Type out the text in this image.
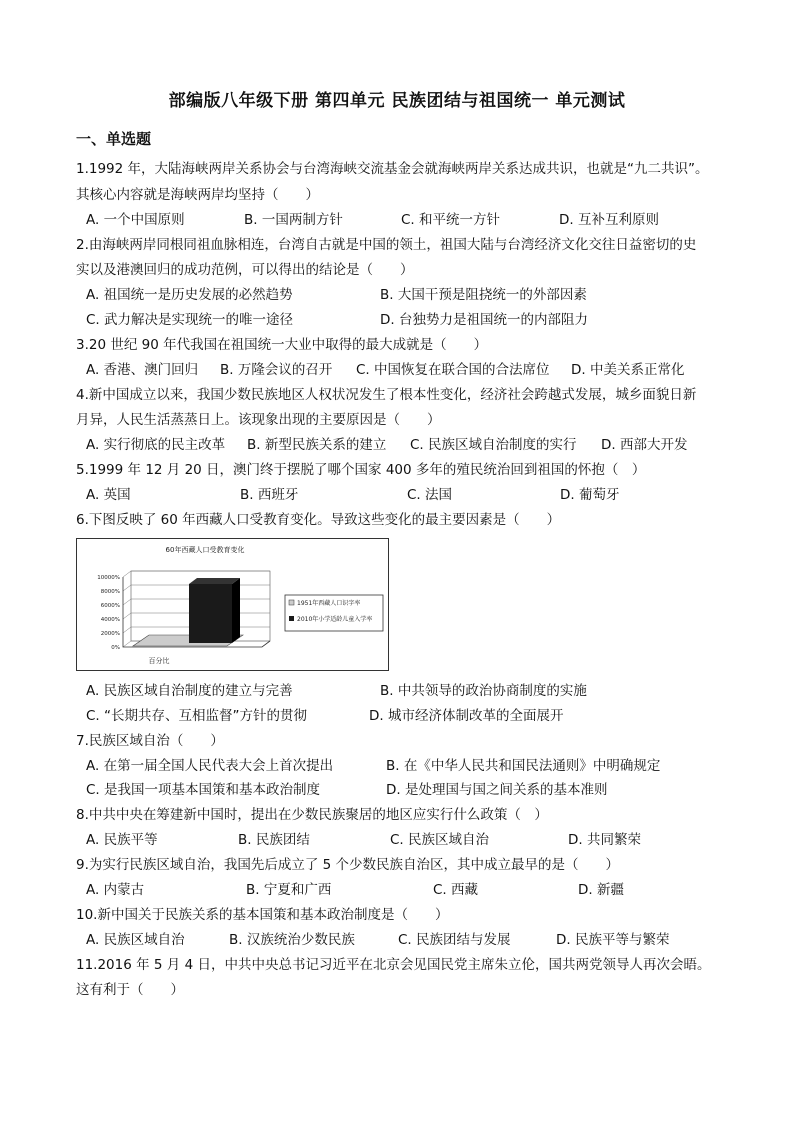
部编版八年级下册 第四单元 民族团结与祖国统一 单元测试
一、单选题
1.1992 年，大陆海峡两岸关系协会与台湾海峡交流基金会就海峡两岸关系达成共识，也就是“九二共识”。
其核心内容就是海峡两岸均坚持（　　）
A. 一个中国原则	B. 一国两制方针	C. 和平统一方针	D. 互补互利原则
2.由海峡两岸同根同祖血脉相连，台湾自古就是中国的领土，祖国大陆与台湾经济文化交往日益密切的史
实以及港澳回归的成功范例，可以得出的结论是（　　）
A. 祖国统一是历史发展的必然趋势	B. 大国干预是阻挠统一的外部因素
C. 武力解决是实现统一的唯一途径	D. 台独势力是祖国统一的内部阻力
3.20 世纪 90 年代我国在祖国统一大业中取得的最大成就是（　　）
A. 香港、澳门回归 B. 万隆会议的召开 C. 中国恢复在联合国的合法席位 D. 中美关系正常化
4.新中国成立以来，我国少数民族地区人权状况发生了根本性变化，经济社会跨越式发展，城乡面貌日新
月异，人民生活蒸蒸日上。该现象出现的主要原因是（　　）
A. 实行彻底的民主改革 B. 新型民族关系的建立 C. 民族区域自治制度的实行 D. 西部大开发
5.1999 年 12 月 20 日，澳门终于摆脱了哪个国家 400 多年的殖民统治回到祖国的怀抱（　）
A. 英国	B. 西班牙	C. 法国	D. 葡萄牙
6.下图反映了 60 年西藏人口受教育变化。导致这些变化的最主要因素是（　　）
60年西藏人口受教育变化
10000%
8000%
6000%
4000%
2000%
0%
百分比
1951年西藏人口识字率
2010年小学适龄儿童入学率
A. 民族区域自治制度的建立与完善	B. 中共领导的政治协商制度的实施
C. “长期共存、互相监督”方针的贯彻	D. 城市经济体制改革的全面展开
7.民族区域自治（　　）
A. 在第一届全国人民代表大会上首次提出	B. 在《中华人民共和国民法通则》中明确规定
C. 是我国一项基本国策和基本政治制度	D. 是处理国与国之间关系的基本准则
8.中共中央在筹建新中国时，提出在少数民族聚居的地区应实行什么政策（　）
A. 民族平等	B. 民族团结	C. 民族区域自治	D. 共同繁荣
9.为实行民族区域自治，我国先后成立了 5 个少数民族自治区，其中成立最早的是（　　）
A. 内蒙古	B. 宁夏和广西	C. 西藏	D. 新疆
10.新中国关于民族关系的基本国策和基本政治制度是（　　）
A. 民族区域自治	B. 汉族统治少数民族	C. 民族团结与发展	D. 民族平等与繁荣
11.2016 年 5 月 4 日，中共中央总书记习近平在北京会见国民党主席朱立伦，国共两党领导人再次会晤。
这有利于（　　）
